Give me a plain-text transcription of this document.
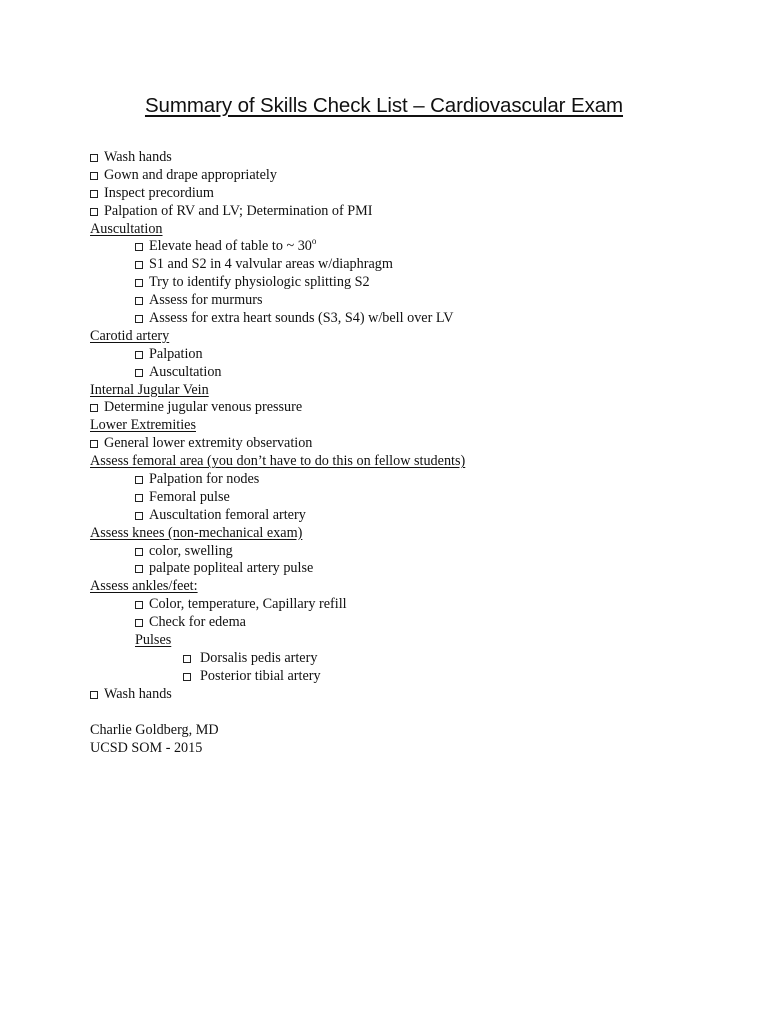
Summary of Skills Check List – Cardiovascular Exam
Wash hands
Gown and drape appropriately
Inspect precordium
Palpation of RV and LV; Determination of PMI
Auscultation
Elevate head of table to ~ 30$^o$
S1 and S2 in 4 valvular areas w/diaphragm
Try to identify physiologic splitting S2
Assess for murmurs
Assess for extra heart sounds (S3, S4) w/bell over LV
Carotid artery
Palpation
Auscultation
Internal Jugular Vein
Determine jugular venous pressure
Lower Extremities
General lower extremity observation
Assess femoral area (you don’t have to do this on fellow students)
Palpation for nodes
Femoral pulse
Auscultation femoral artery
Assess knees (non-mechanical exam)
color, swelling
palpate popliteal artery pulse
Assess ankles/feet:
Color, temperature, Capillary refill
Check for edema
Pulses
Dorsalis pedis artery
Posterior tibial artery
Wash hands
Charlie Goldberg, MD
UCSD SOM - 2015
